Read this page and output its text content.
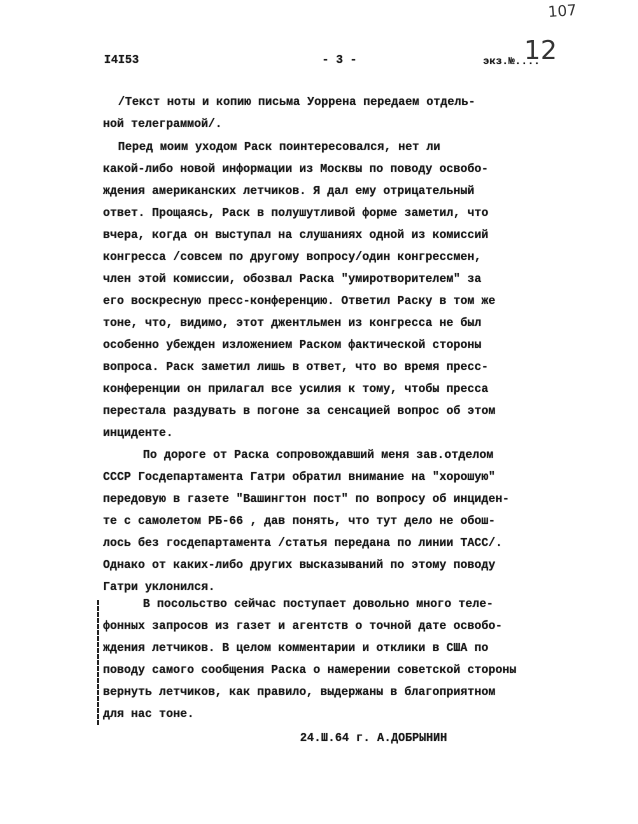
107
I4I53	- 3 -	экз.№....
12
/Текст ноты и копию письма Уоррена передаем отдель-
ной телеграммой/.
Перед моим уходом Раск поинтересовался, нет ли
какой-либо новой информации из Москвы по поводу освобо-
ждения американских летчиков. Я дал ему отрицательный
ответ. Прощаясь, Раск в полушутливой форме заметил, что
вчера, когда он выступал на слушаниях одной из комиссий
конгресса /совсем по другому вопросу/один конгрессмен,
член этой комиссии, обозвал Раска "умиротворителем" за
его воскресную пресс-конференцию. Ответил Раску в том же
тоне, что, видимо, этот джентльмен из конгресса не был
особенно убежден изложением Раском фактической стороны
вопроса. Раск заметил лишь в ответ, что во время пресс-
конференции он прилагал все усилия к тому, чтобы пресса
перестала раздувать в погоне за сенсацией вопрос об этом
инциденте.
По дороге от Раска сопровождавший меня зав.отделом
СССР Госдепартамента Гатри обратил внимание на "хорошую"
передовую в газете "Вашингтон пост" по вопросу об инциден-
те с самолетом РБ-66 , дав понять, что тут дело не обош-
лось без госдепартамента /статья передана по линии ТАСС/.
Однако от каких-либо других высказываний по этому поводу
Гатри уклонился.
В посольство сейчас поступает довольно много теле-
фонных запросов из газет и агентств о точной дате освобо-
ждения летчиков. В целом комментарии и отклики в США по
поводу самого сообщения Раска о намерении советской стороны
вернуть летчиков, как правило, выдержаны в благоприятном
для нас тоне.
24.Ш.64 г. А.ДОБРЫНИН
